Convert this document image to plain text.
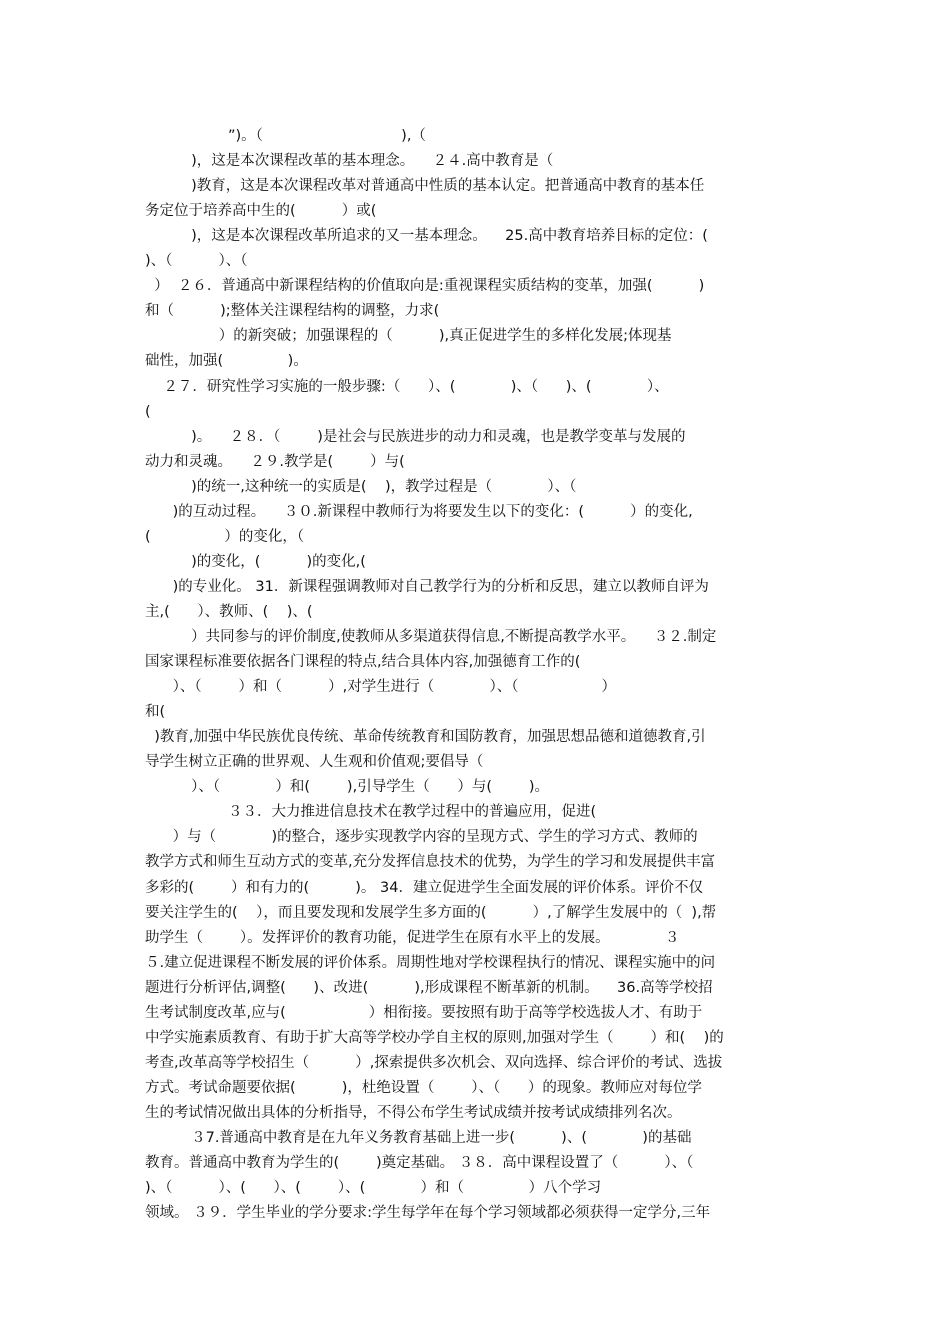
”)。（                              ),（
)，这是本次课程改革的基本理念。    ２４.高中教育是（
)教育，这是本次课程改革对普通高中性质的基本认定。把普通高中教育的基本任
务定位于培养高中生的(          ）或(
)，这是本次课程改革所追求的又一基本理念。    25.高中教育培养目标的定位：(
)、（          ）、（
）  ２６．普通高中新课程结构的价值取向是:重视课程实质结构的变革，加强(          )
和（          );整体关注课程结构的调整，力求(
）的新突破；加强课程的（          ),真正促进学生的多样化发展;体现基
础性，加强(              )。
２７．研究性学习实施的一般步骤:（      ）、(            )、（      )、(            ）、
(
)。    ２８．（        )是社会与民族进步的动力和灵魂，也是教学变革与发展的
动力和灵魂。    ２９.教学是(        ）与(
)的统一,这种统一的实质是(    )，教学过程是（            ）、（
)的互动过程。    ３０.新课程中教师行为将要发生以下的变化：(          ）的变化,
(                ）的变化，（
)的变化，(          )的变化,(
)的专业化。 31．新课程强调教师对自己教学行为的分析和反思，建立以教师自评为
主,(      ）、教师、(    )、(
）共同参与的评价制度,使教师从多渠道获得信息,不断提高教学水平。    ３２.制定
国家课程标准要依据各门课程的特点,结合具体内容,加强德育工作的(
）、（        ）和（          ）,对学生进行（            ）、（                  ）
和(
)教育,加强中华民族优良传统、革命传统教育和国防教育，加强思想品德和道德教育,引
导学生树立正确的世界观、人生观和价值观;要倡导（
）、（            ）和(        ),引导学生（      ）与(        )。
３３．大力推进信息技术在教学过程中的普遍应用，促进(
）与（            )的整合，逐步实现教学内容的呈现方式、学生的学习方式、教师的
教学方式和师生互动方式的变革,充分发挥信息技术的优势，为学生的学习和发展提供丰富
多彩的(        ）和有力的(          )。 34．建立促进学生全面发展的评价体系。评价不仅
要关注学生的(    ），而且要发现和发展学生多方面的(          ）,了解学生发展中的（  ),帮
助学生（        ）。发挥评价的教育功能，促进学生在原有水平上的发展。            ３
５.建立促进课程不断发展的评价体系。周期性地对学校课程执行的情况、课程实施中的问
题进行分析评估,调整(      )、改进(          ),形成课程不断革新的机制。    36.高等学校招
生考试制度改革,应与(                  ）相衔接。要按照有助于高等学校选拔人才、有助于
中学实施素质教育、有助于扩大高等学校办学自主权的原则,加强对学生（        ）和(    )的
考查,改革高等学校招生（          ）,探索提供多次机会、双向选择、综合评价的考试、选拔
方式。考试命题要依据(          )，杜绝设置（        ）、（      ）的现象。教师应对每位学
生的考试情况做出具体的分析指导，不得公布学生考试成绩并按考试成绩排列名次。
３7.普通高中教育是在九年义务教育基础上进一步(          )、(            )的基础
教育。普通高中教育为学生的(        )奠定基础。 ３８．高中课程设置了（          ）、（
)、（          ）、(      ）、(        ）、(            ）和（              ）八个学习
领域。 ３９．学生毕业的学分要求:学生每学年在每个学习领域都必须获得一定学分,三年
